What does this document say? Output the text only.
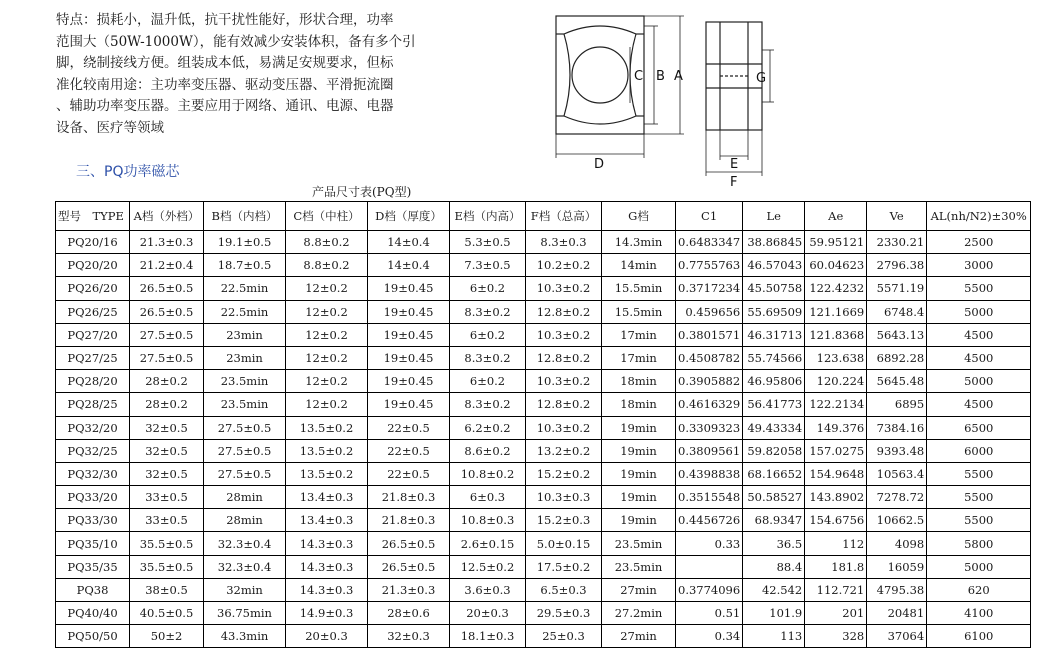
特点：损耗小，温升低，抗干扰性能好，形状合理，功率
范围大（50W-1000W），能有效减少安装体积，备有多个引
脚，绕制接线方便。组装成本低，易满足安规要求，但标
准化较南用途：主功率变压器、驱动变压器、平滑扼流圈
、辅助功率变压器。主要应用于网络、通讯、电源、电器
设备、医疗等领域
三、PQ功率磁芯
C B A
D	E
F
G
产品尺寸表(PQ型)
型号　TYPE	A档（外档）	B档（内档）	C档（中柱）	D档（厚度）	E档（内高）	F档（总高）	G档	C1	Le	Ae	Ve	AL(nh/N2)±30%
PQ20/16	21.3±0.3	19.1±0.5	8.8±0.2	14±0.4	5.3±0.5	8.3±0.3	14.3min	0.6483347	38.86845	59.95121	2330.21	2500
PQ20/20	21.2±0.4	18.7±0.5	8.8±0.2	14±0.4	7.3±0.5	10.2±0.2	14min	0.7755763	46.57043	60.04623	2796.38	3000
PQ26/20	26.5±0.5	22.5min	12±0.2	19±0.45	6±0.2	10.3±0.2	15.5min	0.3717234	45.50758	122.4232	5571.19	5500
PQ26/25	26.5±0.5	22.5min	12±0.2	19±0.45	8.3±0.2	12.8±0.2	15.5min	0.459656	55.69509	121.1669	6748.4	5000
PQ27/20	27.5±0.5	23min	12±0.2	19±0.45	6±0.2	10.3±0.2	17min	0.3801571	46.31713	121.8368	5643.13	4500
PQ27/25	27.5±0.5	23min	12±0.2	19±0.45	8.3±0.2	12.8±0.2	17min	0.4508782	55.74566	123.638	6892.28	4500
PQ28/20	28±0.2	23.5min	12±0.2	19±0.45	6±0.2	10.3±0.2	18min	0.3905882	46.95806	120.224	5645.48	5000
PQ28/25	28±0.2	23.5min	12±0.2	19±0.45	8.3±0.2	12.8±0.2	18min	0.4616329	56.41773	122.2134	6895	4500
PQ32/20	32±0.5	27.5±0.5	13.5±0.2	22±0.5	6.2±0.2	10.3±0.2	19min	0.3309323	49.43334	149.376	7384.16	6500
PQ32/25	32±0.5	27.5±0.5	13.5±0.2	22±0.5	8.6±0.2	13.2±0.2	19min	0.3809561	59.82058	157.0275	9393.48	6000
PQ32/30	32±0.5	27.5±0.5	13.5±0.2	22±0.5	10.8±0.2	15.2±0.2	19min	0.4398838	68.16652	154.9648	10563.4	5500
PQ33/20	33±0.5	28min	13.4±0.3	21.8±0.3	6±0.3	10.3±0.3	19min	0.3515548	50.58527	143.8902	7278.72	5500
PQ33/30	33±0.5	28min	13.4±0.3	21.8±0.3	10.8±0.3	15.2±0.3	19min	0.4456726	68.9347	154.6756	10662.5	5500
PQ35/10	35.5±0.5	32.3±0.4	14.3±0.3	26.5±0.5	2.6±0.15	5.0±0.15	23.5min	0.33	36.5	112	4098	5800
PQ35/35	35.5±0.5	32.3±0.4	14.3±0.3	26.5±0.5	12.5±0.2	17.5±0.2	23.5min		88.4	181.8	16059	5000
PQ38	38±0.5	32min	14.3±0.3	21.3±0.3	3.6±0.3	6.5±0.3	27min	0.3774096	42.542	112.721	4795.38	620
PQ40/40	40.5±0.5	36.75min	14.9±0.3	28±0.6	20±0.3	29.5±0.3	27.2min	0.51	101.9	201	20481	4100
PQ50/50	50±2	43.3min	20±0.3	32±0.3	18.1±0.3	25±0.3	27min	0.34	113	328	37064	6100
